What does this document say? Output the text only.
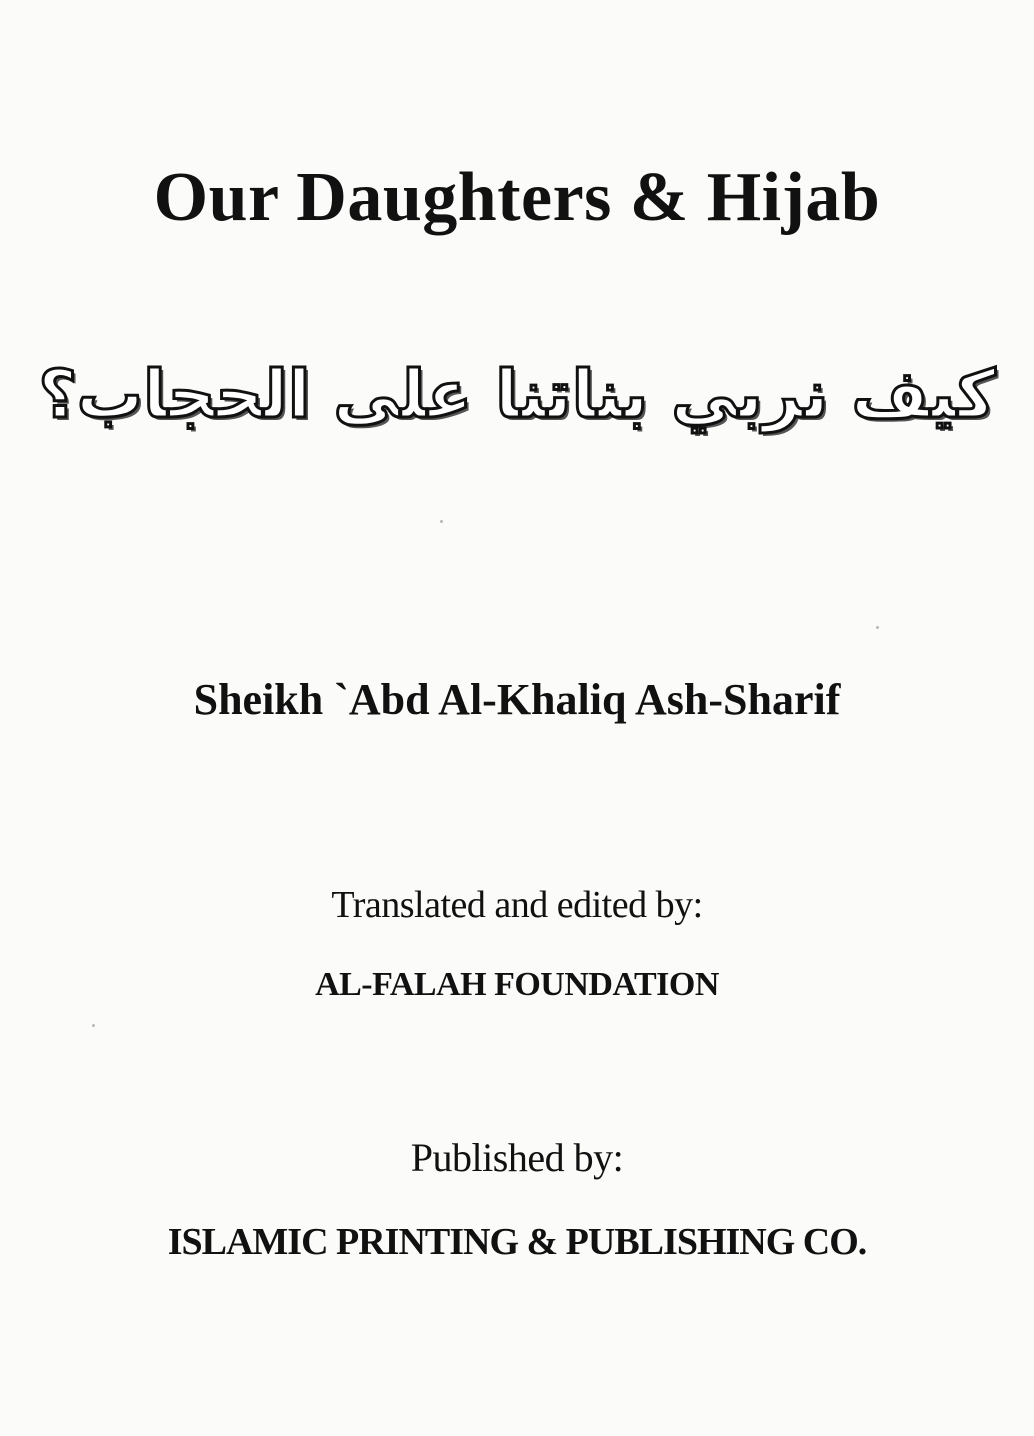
Our Daughters & Hijab
كيف نربي بناتنا على الحجاب؟
Sheikh `Abd Al-Khaliq Ash-Sharif
Translated and edited by:
AL-FALAH FOUNDATION
Published by:
ISLAMIC PRINTING & PUBLISHING CO.
